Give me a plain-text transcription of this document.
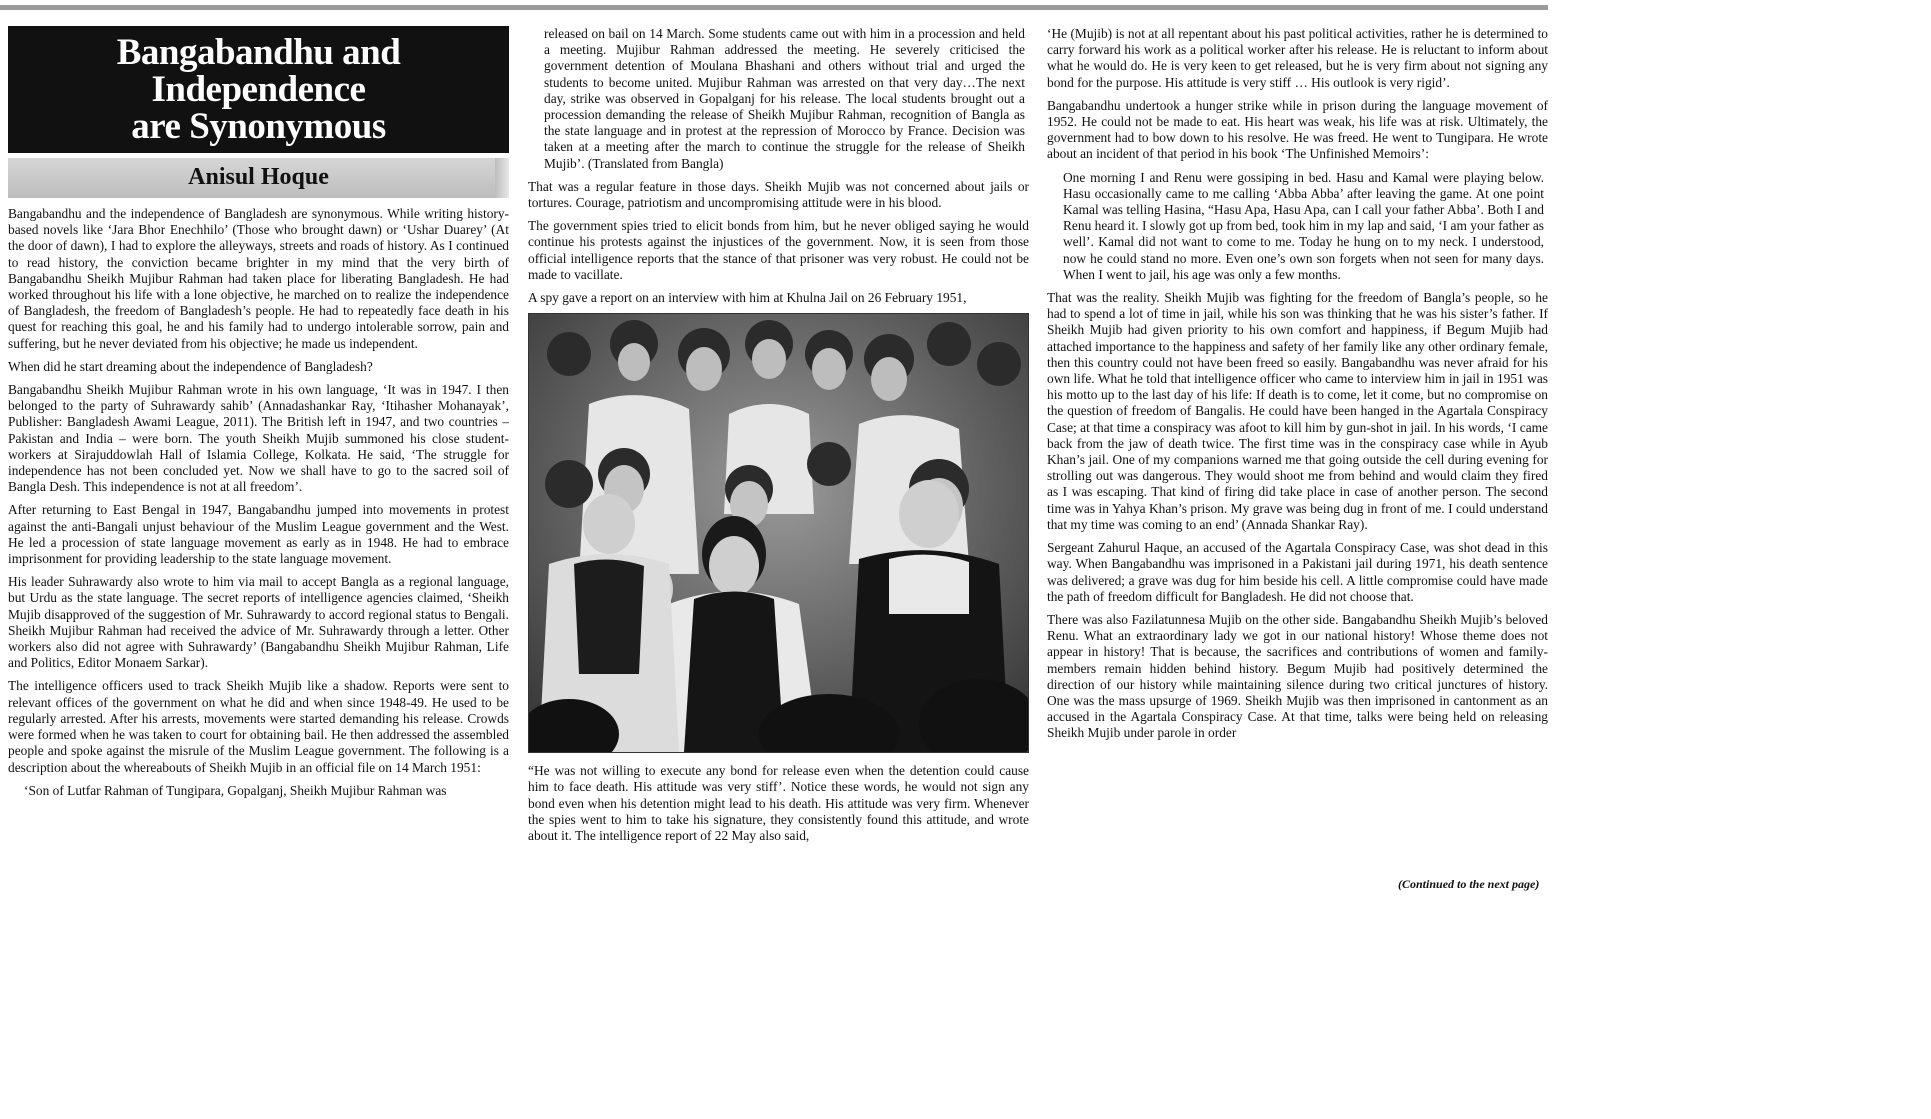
Bangabandhu and Independence
are Synonymous
Anisul Hoque

Bangabandhu and the independence of Bangladesh are synonymous. While writing history-based novels like ‘Jara Bhor Enechhilo’ (Those who brought dawn) or ‘Ushar Duarey’ (At the door of dawn), I had to explore the alleyways, streets and roads of history. As I continued to read history, the conviction became brighter in my mind that the very birth of Bangabandhu Sheikh Mujibur Rahman had taken place for liberating Bangladesh. He had worked throughout his life with a lone objective, he marched on to realize the independence of Bangladesh, the freedom of Bangladesh’s people. He had to repeatedly face death in his quest for reaching this goal, he and his family had to undergo intolerable sorrow, pain and suffering, but he never deviated from his objective; he made us independent.

When did he start dreaming about the independence of Bangladesh?

Bangabandhu Sheikh Mujibur Rahman wrote in his own language, ‘It was in 1947. I then belonged to the party of Suhrawardy sahib’ (Annadashankar Ray, ‘Itihasher Mohanayak’, Publisher: Bangladesh Awami League, 2011). The British left in 1947, and two countries – Pakistan and India – were born. The youth Sheikh Mujib summoned his close student-workers at Sirajuddowlah Hall of Islamia College, Kolkata. He said, ‘The struggle for independence has not been concluded yet. Now we shall have to go to the sacred soil of Bangla Desh. This independence is not at all freedom’.

After returning to East Bengal in 1947, Bangabandhu jumped into movements in protest against the anti-Bangali unjust behaviour of the Muslim League government and the West. He led a procession of state language movement as early as in 1948. He had to embrace imprisonment for providing leadership to the state language movement.

His leader Suhrawardy also wrote to him via mail to accept Bangla as a regional language, but Urdu as the state language. The secret reports of intelligence agencies claimed, ‘Sheikh Mujib disapproved of the suggestion of Mr. Suhrawardy to accord regional status to Bengali. Sheikh Mujibur Rahman had received the advice of Mr. Suhrawardy through a letter. Other workers also did not agree with Suhrawardy’ (Bangabandhu Sheikh Mujibur Rahman, Life and Politics, Editor Monaem Sarkar).

The intelligence officers used to track Sheikh Mujib like a shadow. Reports were sent to relevant offices of the government on what he did and when since 1948-49. He used to be regularly arrested. After his arrests, movements were started demanding his release. Crowds were formed when he was taken to court for obtaining bail. He then addressed the assembled people and spoke against the misrule of the Muslim League government. The following is a description about the whereabouts of Sheikh Mujib in an official file on 14 March 1951:

‘Son of Lutfar Rahman of Tungipara, Gopalganj, Sheikh Mujibur Rahman was

released on bail on 14 March. Some students came out with him in a procession and held a meeting. Mujibur Rahman addressed the meeting. He severely criticised the government detention of Moulana Bhashani and others without trial and urged the students to become united. Mujibur Rahman was arrested on that very day…The next day, strike was observed in Gopalganj for his release. The local students brought out a procession demanding the release of Sheikh Mujibur Rahman, recognition of Bangla as the state language and in protest at the repression of Morocco by France. Decision was taken at a meeting after the march to continue the struggle for the release of Sheikh Mujib’. (Translated from Bangla)

That was a regular feature in those days. Sheikh Mujib was not concerned about jails or tortures. Courage, patriotism and uncompromising attitude were in his blood.

The government spies tried to elicit bonds from him, but he never obliged saying he would continue his protests against the injustices of the government. Now, it is seen from those official intelligence reports that the stance of that prisoner was very robust. He could not be made to vacillate.

A spy gave a report on an interview with him at Khulna Jail on 26 February 1951,

“He was not willing to execute any bond for release even when the detention could cause him to face death. His attitude was very stiff’. Notice these words, he would not sign any bond even when his detention might lead to his death. His attitude was very firm. Whenever the spies went to him to take his signature, they consistently found this attitude, and wrote about it. The intelligence report of 22 May also said,

‘He (Mujib) is not at all repentant about his past political activities, rather he is determined to carry forward his work as a political worker after his release. He is reluctant to inform about what he would do. He is very keen to get released, but he is very firm about not signing any bond for the purpose. His attitude is very stiff … His outlook is very rigid’.

Bangabandhu undertook a hunger strike while in prison during the language movement of 1952. He could not be made to eat. His heart was weak, his life was at risk. Ultimately, the government had to bow down to his resolve. He was freed. He went to Tungipara. He wrote about an incident of that period in his book ‘The Unfinished Memoirs’:

One morning I and Renu were gossiping in bed. Hasu and Kamal were playing below. Hasu occasionally came to me calling ‘Abba Abba’ after leaving the game. At one point Kamal was telling Hasina, “Hasu Apa, Hasu Apa, can I call your father Abba’. Both I and Renu heard it. I slowly got up from bed, took him in my lap and said, ‘I am your father as well’. Kamal did not want to come to me. Today he hung on to my neck. I understood, now he could stand no more. Even one’s own son forgets when not seen for many days. When I went to jail, his age was only a few months.

That was the reality. Sheikh Mujib was fighting for the freedom of Bangla’s people, so he had to spend a lot of time in jail, while his son was thinking that he was his sister’s father. If Sheikh Mujib had given priority to his own comfort and happiness, if Begum Mujib had attached importance to the happiness and safety of her family like any other ordinary female, then this country could not have been freed so easily. Bangabandhu was never afraid for his own life. What he told that intelligence officer who came to interview him in jail in 1951 was his motto up to the last day of his life: If death is to come, let it come, but no compromise on the question of freedom of Bangalis. He could have been hanged in the Agartala Conspiracy Case; at that time a conspiracy was afoot to kill him by gun-shot in jail. In his words, ‘I came back from the jaw of death twice. The first time was in the conspiracy case while in Ayub Khan’s jail. One of my companions warned me that going outside the cell during evening for strolling out was dangerous. They would shoot me from behind and would claim they fired as I was escaping. That kind of firing did take place in case of another person. The second time was in Yahya Khan’s prison. My grave was being dug in front of me. I could understand that my time was coming to an end’ (Annada Shankar Ray).

Sergeant Zahurul Haque, an accused of the Agartala Conspiracy Case, was shot dead in this way. When Bangabandhu was imprisoned in a Pakistani jail during 1971, his death sentence was delivered; a grave was dug for him beside his cell. A little compromise could have made the path of freedom difficult for Bangladesh. He did not choose that.

There was also Fazilatunnesa Mujib on the other side. Bangabandhu Sheikh Mujib’s beloved Renu. What an extraordinary lady we got in our national history! Whose theme does not appear in history! That is because, the sacrifices and contributions of women and family-members remain hidden behind history. Begum Mujib had positively determined the direction of our history while maintaining silence during two critical junctures of history. One was the mass upsurge of 1969. Sheikh Mujib was then imprisoned in cantonment as an accused in the Agartala Conspiracy Case. At that time, talks were being held on releasing Sheikh Mujib under parole in order

(Continued to the next page)
